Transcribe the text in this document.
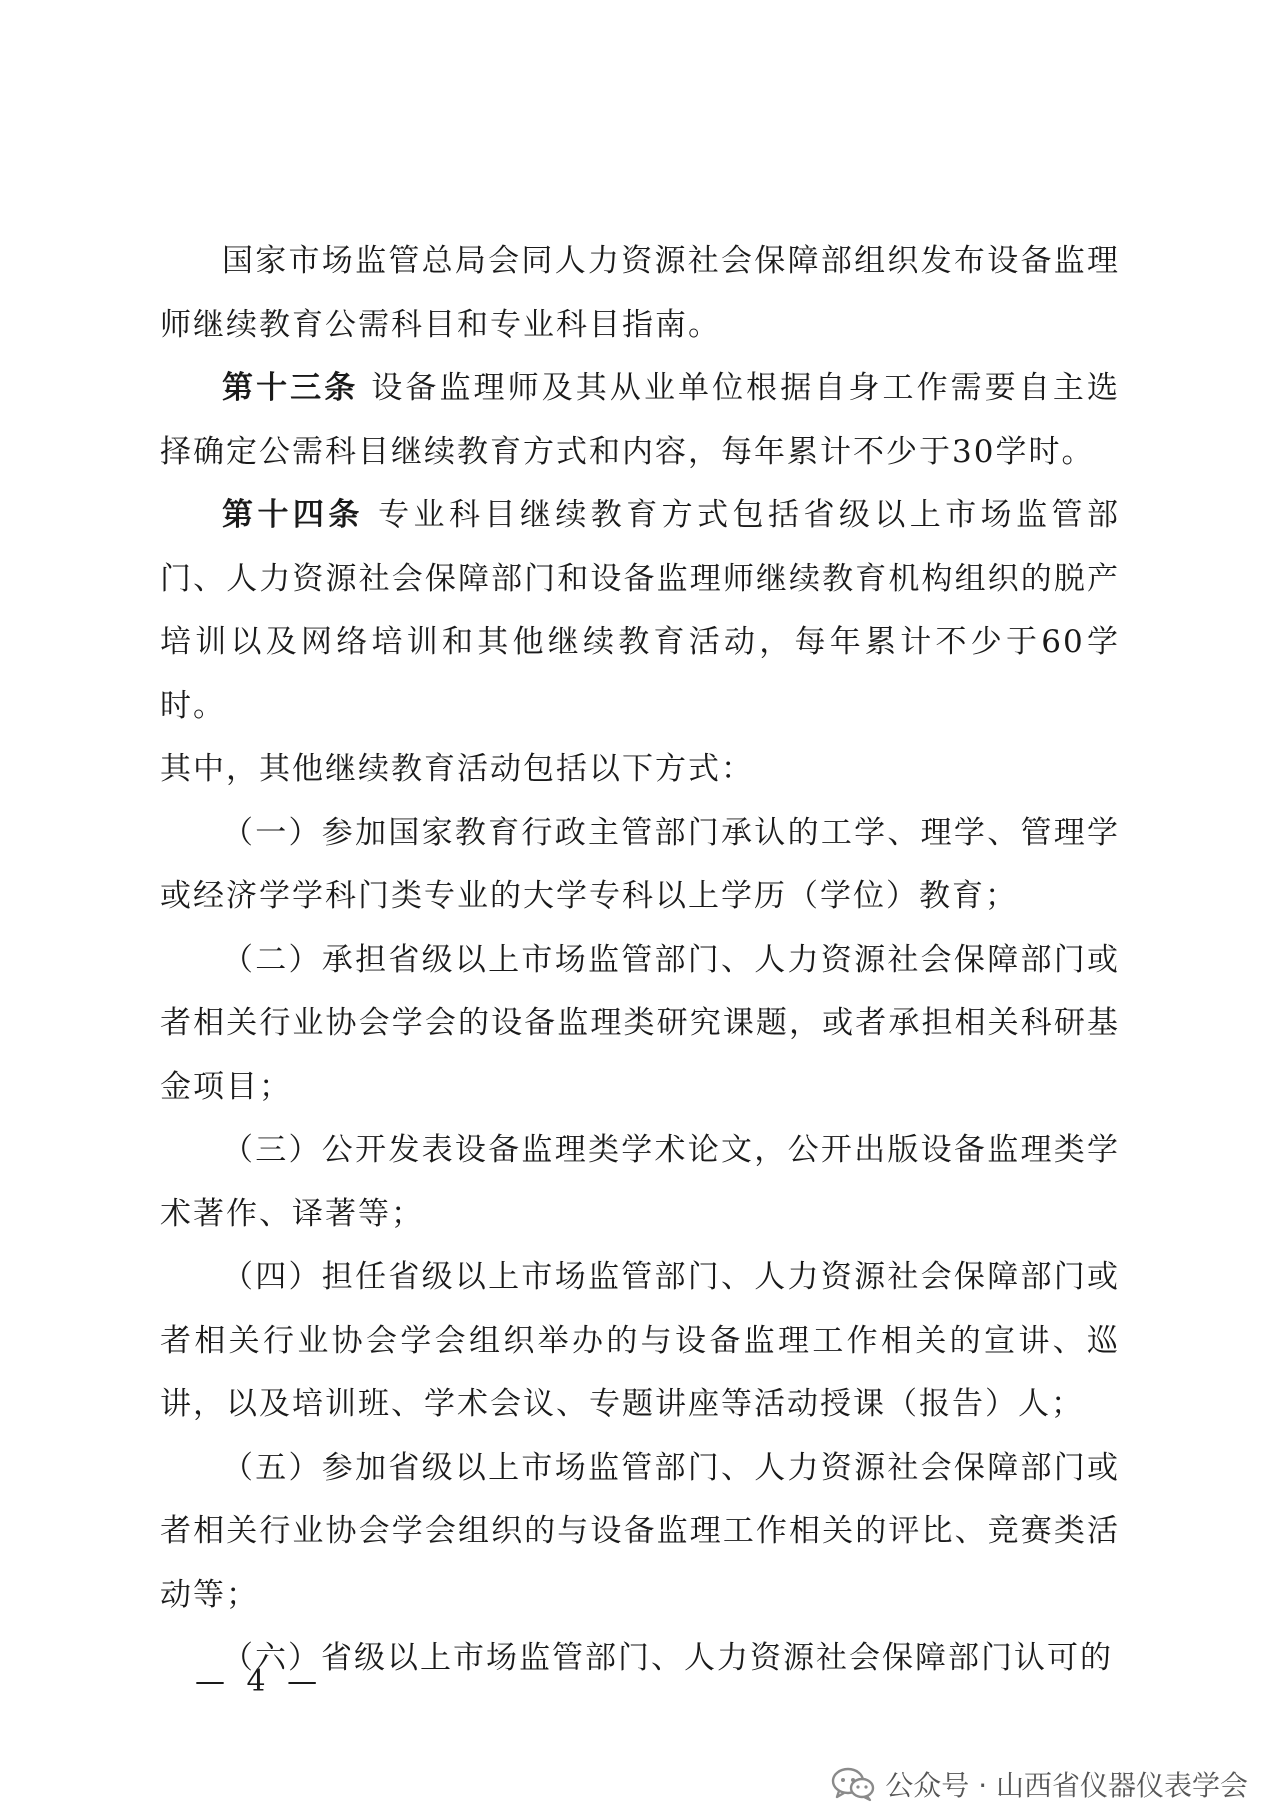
国家市场监管总局会同人力资源社会保障部组织发布设备监理师继续教育公需科目和专业科目指南。

第十三条 设备监理师及其从业单位根据自身工作需要自主选择确定公需科目继续教育方式和内容，每年累计不少于30学时。

第十四条 专业科目继续教育方式包括省级以上市场监管部门、人力资源社会保障部门和设备监理师继续教育机构组织的脱产培训以及网络培训和其他继续教育活动，每年累计不少于60学时。

其中，其他继续教育活动包括以下方式：

（一）参加国家教育行政主管部门承认的工学、理学、管理学或经济学学科门类专业的大学专科以上学历（学位）教育；

（二）承担省级以上市场监管部门、人力资源社会保障部门或者相关行业协会学会的设备监理类研究课题，或者承担相关科研基金项目；

（三）公开发表设备监理类学术论文，公开出版设备监理类学术著作、译著等；

（四）担任省级以上市场监管部门、人力资源社会保障部门或者相关行业协会学会组织举办的与设备监理工作相关的宣讲、巡讲，以及培训班、学术会议、专题讲座等活动授课（报告）人；

（五）参加省级以上市场监管部门、人力资源社会保障部门或者相关行业协会学会组织的与设备监理工作相关的评比、竞赛类活动等；

（六）省级以上市场监管部门、人力资源社会保障部门认可的

— 4 —
公众号 · 山西省仪器仪表学会
